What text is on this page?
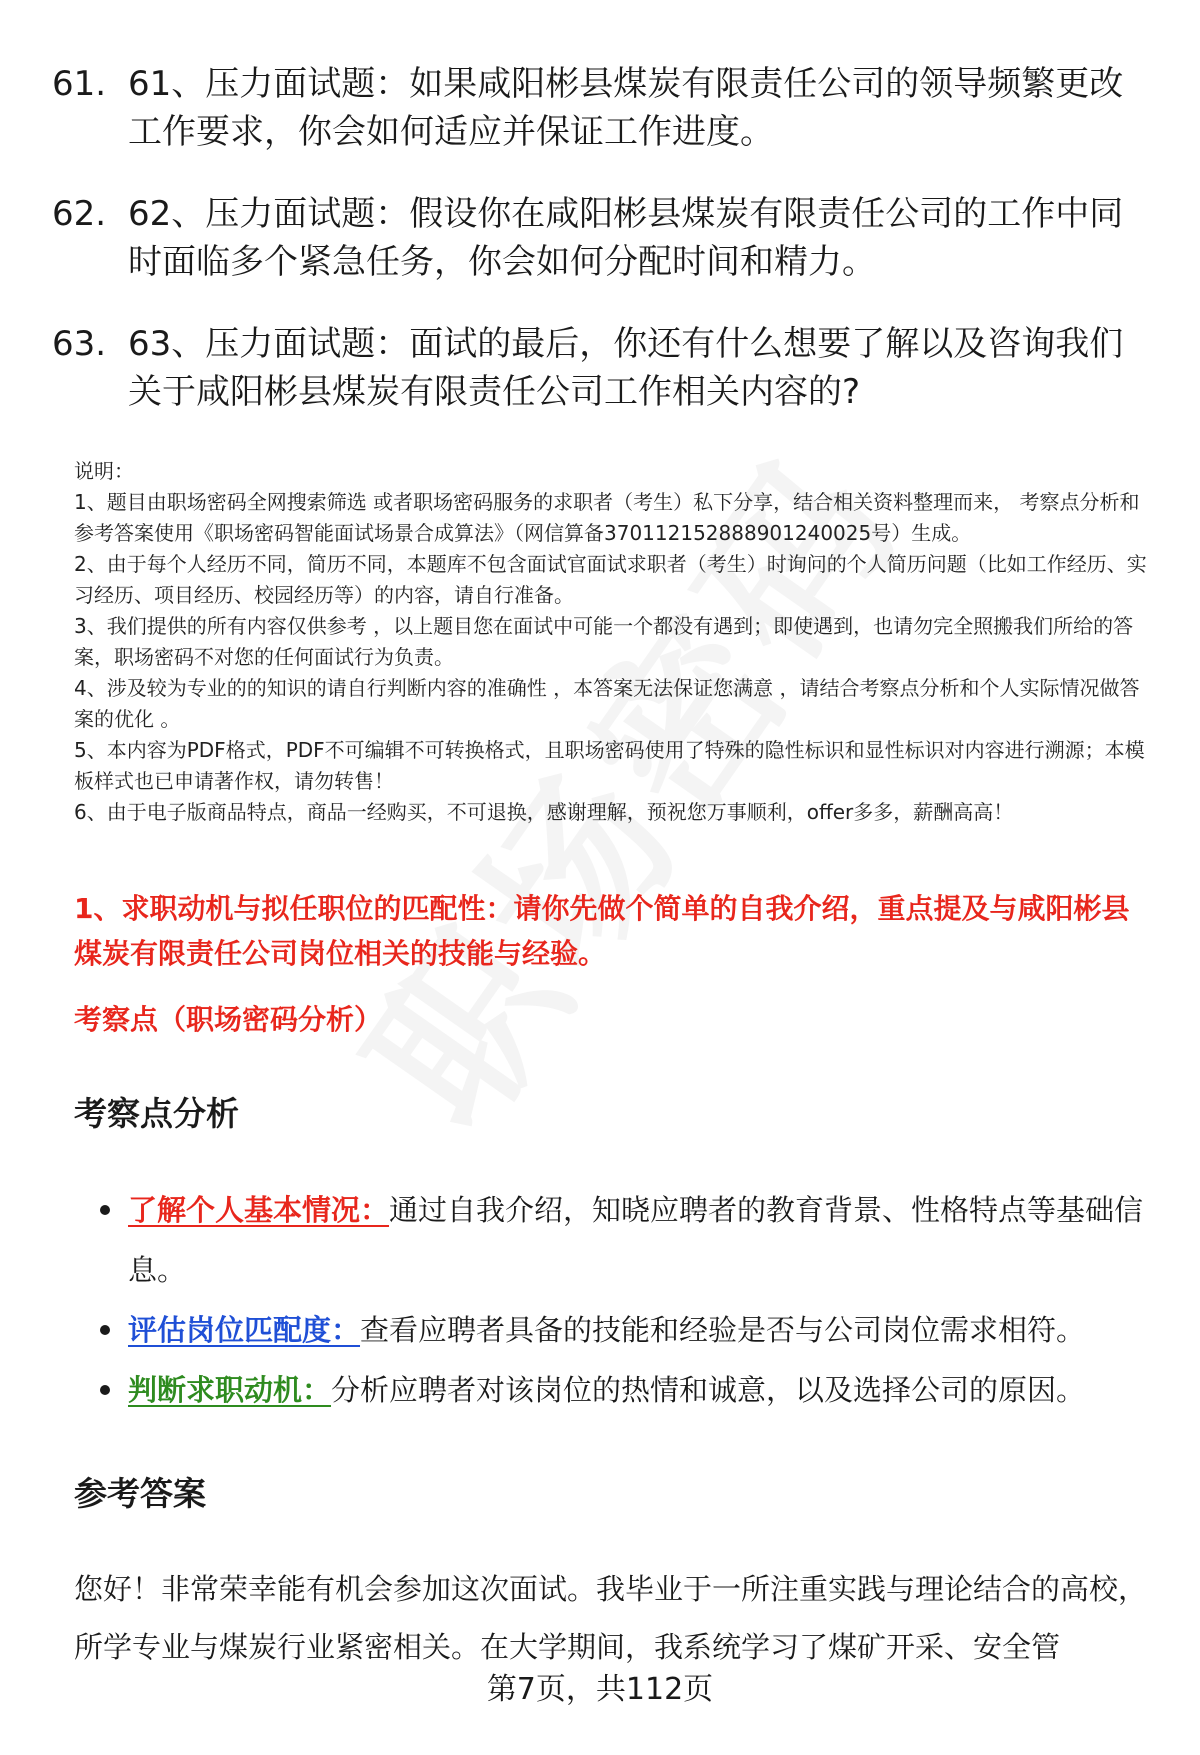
61. 61、压力面试题：如果咸阳彬县煤炭有限责任公司的领导频繁更改工作要求，你会如何适应并保证工作进度。
62. 62、压力面试题：假设你在咸阳彬县煤炭有限责任公司的工作中同时面临多个紧急任务，你会如何分配时间和精力。
63. 63、压力面试题：面试的最后，你还有什么想要了解以及咨询我们关于咸阳彬县煤炭有限责任公司工作相关内容的?

说明：

1、题目由职场密码全网搜索筛选 或者职场密码服务的求职者（考生）私下分享，结合相关资料整理而来， 考察点分析和参考答案使用《职场密码智能面试场景合成算法》（网信算备370112152888901240025号）生成。

2、由于每个人经历不同，简历不同，本题库不包含面试官面试求职者（考生）时询问的个人简历问题（比如工作经历、实习经历、项目经历、校园经历等）的内容，请自行准备。

3、我们提供的所有内容仅供参考 ，以上题目您在面试中可能一个都没有遇到；即使遇到，也请勿完全照搬我们所给的答案，职场密码不对您的任何面试行为负责。

4、涉及较为专业的的知识的请自行判断内容的准确性 ，本答案无法保证您满意 ，请结合考察点分析和个人实际情况做答案的优化 。

5、本内容为PDF格式，PDF不可编辑不可转换格式，且职场密码使用了特殊的隐性标识和显性标识对内容进行溯源；本模板样式也已申请著作权，请勿转售！

6、由于电子版商品特点，商品一经购买，不可退换，感谢理解，预祝您万事顺利，offer多多，薪酬高高！

1、求职动机与拟任职位的匹配性：请你先做个简单的自我介绍，重点提及与咸阳彬县煤炭有限责任公司岗位相关的技能与经验。
考察点（职场密码分析）
考察点分析
了解个人基本情况：通过自我介绍，知晓应聘者的教育背景、性格特点等基础信息。
评估岗位匹配度：查看应聘者具备的技能和经验是否与公司岗位需求相符。
判断求职动机：分析应聘者对该岗位的热情和诚意，以及选择公司的原因。
参考答案

您好！非常荣幸能有机会参加这次面试。我毕业于一所注重实践与理论结合的高校，所学专业与煤炭行业紧密相关。在大学期间，我系统学习了煤矿开采、安全管

第7页，共112页
